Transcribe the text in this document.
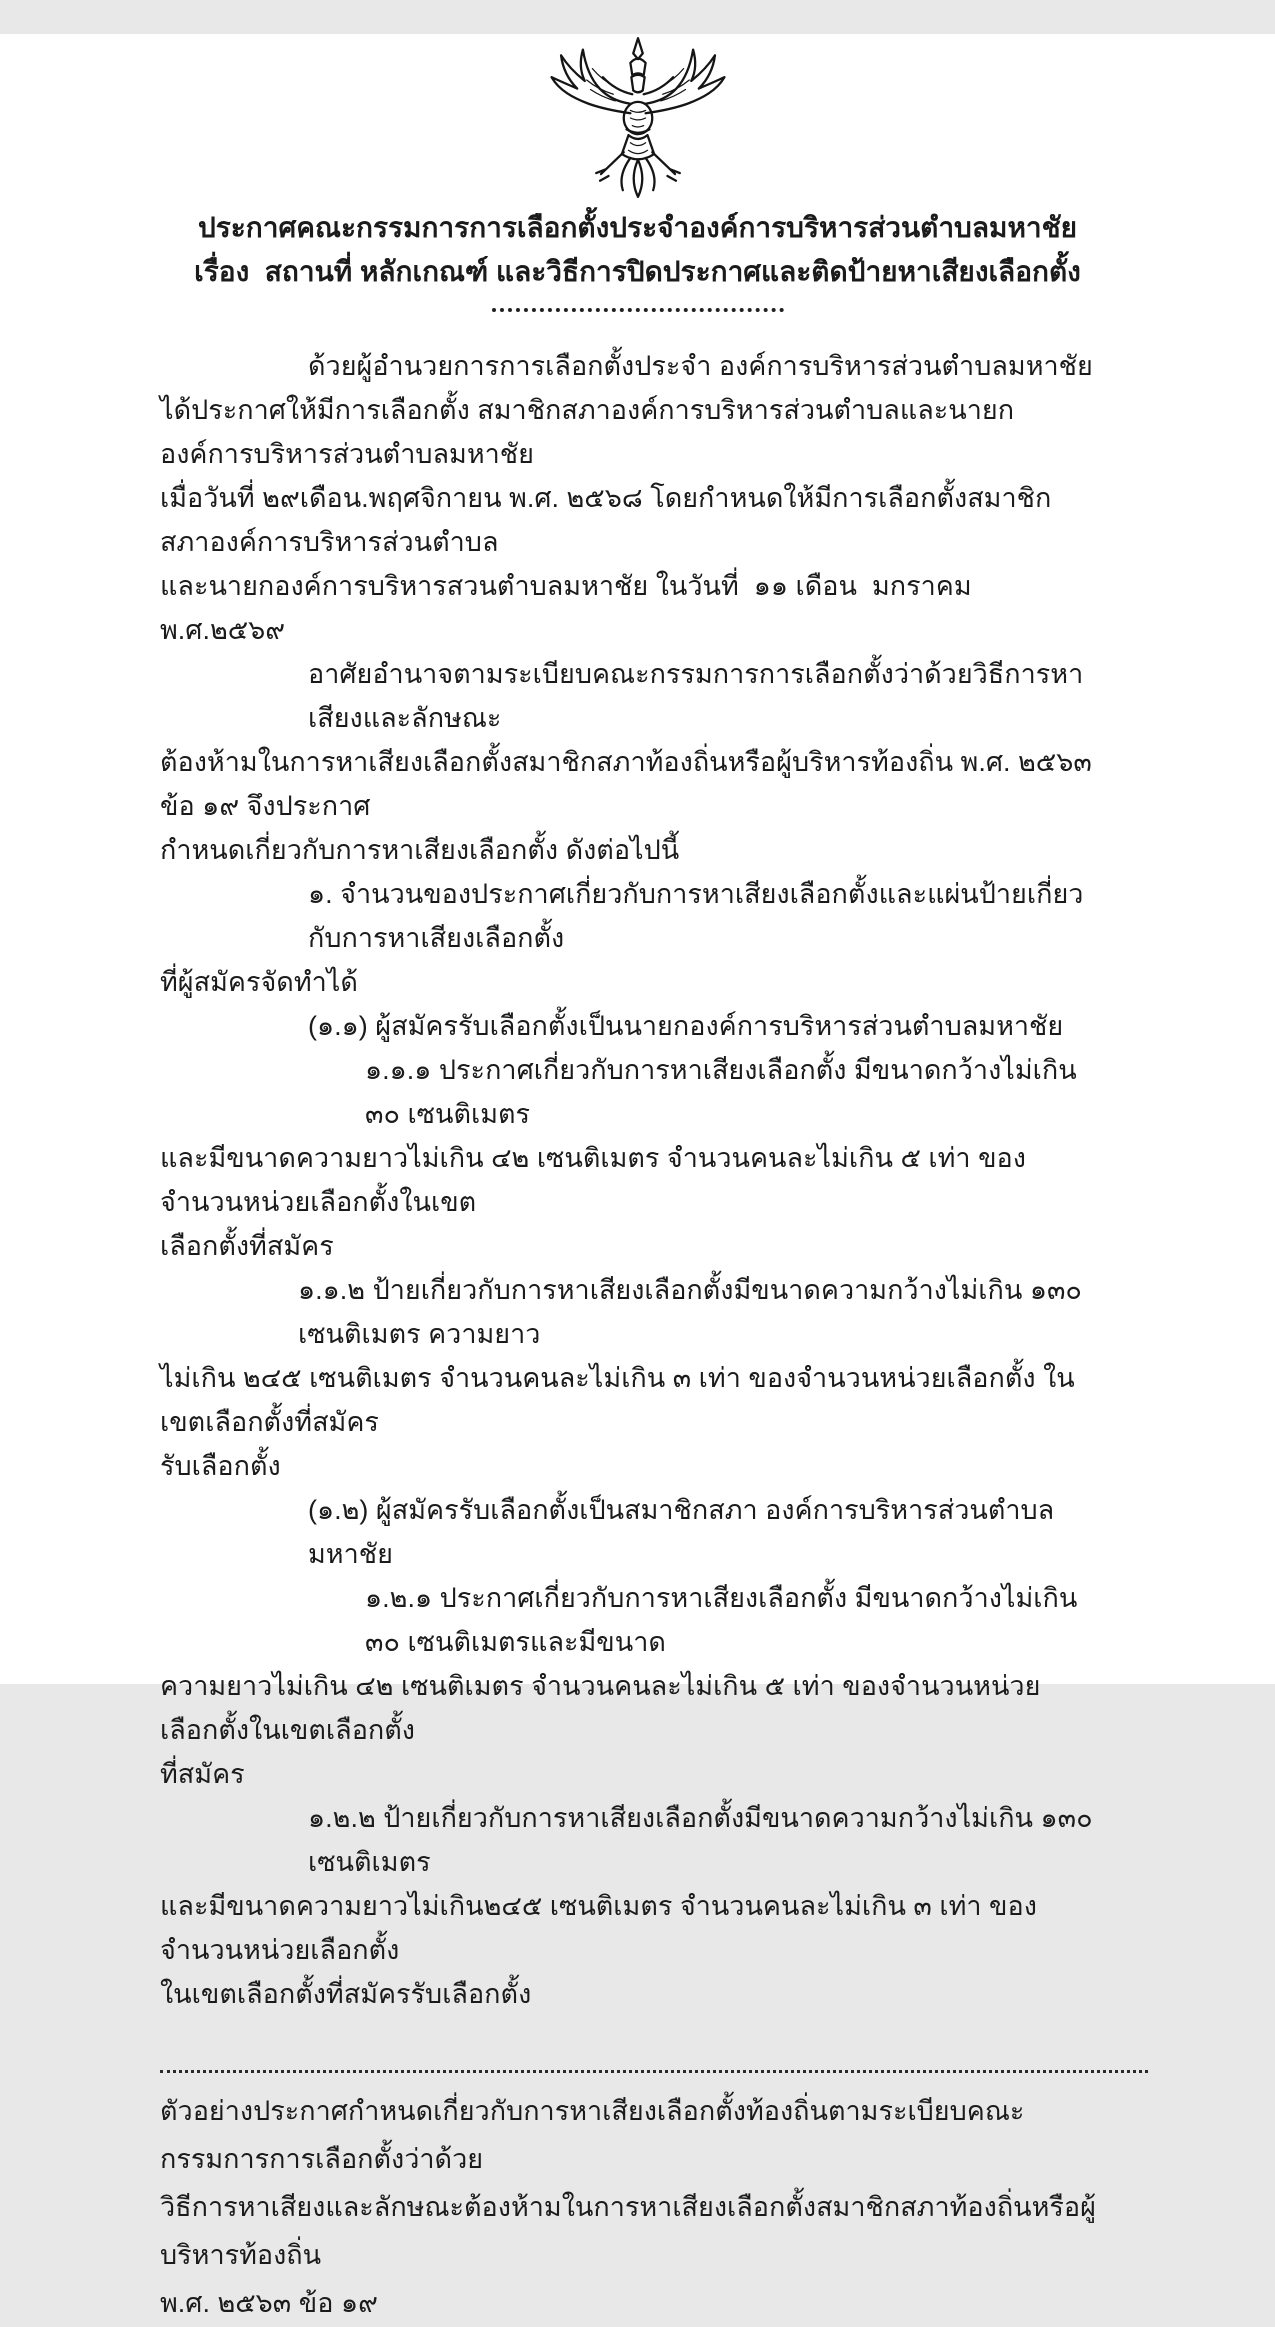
ประกาศคณะกรรมการการเลือกตั้งประจำองค์การบริหารส่วนตำบลมหาชัย
เรื่อง  สถานที่ หลักเกณฑ์ และวิธีการปิดประกาศและติดป้ายหาเสียงเลือกตั้ง
ด้วยผู้อำนวยการการเลือกตั้งประจำ องค์การบริหารส่วนตำบลมหาชัย
ได้ประกาศให้มีการเลือกตั้ง สมาชิกสภาองค์การบริหารส่วนตำบลและนายกองค์การบริหารส่วนตำบลมหาชัย
เมื่อวันที่ ๒๙เดือน.พฤศจิกายน พ.ศ. ๒๕๖๘ โดยกำหนดให้มีการเลือกตั้งสมาชิกสภาองค์การบริหารส่วนตำบล
และนายกองค์การบริหารสวนตำบลมหาชัย ในวันที่  ๑๑ เดือน  มกราคม พ.ศ.๒๕๖๙
อาศัยอำนาจตามระเบียบคณะกรรมการการเลือกตั้งว่าด้วยวิธีการหาเสียงและลักษณะ
ต้องห้ามในการหาเสียงเลือกตั้งสมาชิกสภาท้องถิ่นหรือผู้บริหารท้องถิ่น พ.ศ. ๒๕๖๓ ข้อ ๑๙ จึงประกาศ
กำหนดเกี่ยวกับการหาเสียงเลือกตั้ง ดังต่อไปนี้
๑. จำนวนของประกาศเกี่ยวกับการหาเสียงเลือกตั้งและแผ่นป้ายเกี่ยวกับการหาเสียงเลือกตั้ง
ที่ผู้สมัครจัดทำได้
(๑.๑) ผู้สมัครรับเลือกตั้งเป็นนายกองค์การบริหารส่วนตำบลมหาชัย
๑.๑.๑ ประกาศเกี่ยวกับการหาเสียงเลือกตั้ง มีขนาดกว้างไม่เกิน ๓๐ เซนติเมตร
และมีขนาดความยาวไม่เกิน ๔๒ เซนติเมตร จำนวนคนละไม่เกิน ๕ เท่า ของจำนวนหน่วยเลือกตั้งในเขต
เลือกตั้งที่สมัคร
๑.๑.๒ ป้ายเกี่ยวกับการหาเสียงเลือกตั้งมีขนาดความกว้างไม่เกิน ๑๓๐ เซนติเมตร ความยาว
ไม่เกิน ๒๔๕ เซนติเมตร จำนวนคนละไม่เกิน ๓ เท่า ของจำนวนหน่วยเลือกตั้ง ในเขตเลือกตั้งที่สมัคร
รับเลือกตั้ง
(๑.๒) ผู้สมัครรับเลือกตั้งเป็นสมาชิกสภา องค์การบริหารส่วนตำบลมหาชัย
๑.๒.๑ ประกาศเกี่ยวกับการหาเสียงเลือกตั้ง มีขนาดกว้างไม่เกิน ๓๐ เซนติเมตรและมีขนาด
ความยาวไม่เกิน ๔๒ เซนติเมตร จำนวนคนละไม่เกิน ๕ เท่า ของจำนวนหน่วยเลือกตั้งในเขตเลือกตั้ง
ที่สมัคร
๑.๒.๒ ป้ายเกี่ยวกับการหาเสียงเลือกตั้งมีขนาดความกว้างไม่เกิน ๑๓๐ เซนติเมตร
และมีขนาดความยาวไม่เกิน๒๔๕ เซนติเมตร จำนวนคนละไม่เกิน ๓ เท่า ของจำนวนหน่วยเลือกตั้ง
ในเขตเลือกตั้งที่สมัครรับเลือกตั้ง
ตัวอย่างประกาศกำหนดเกี่ยวกับการหาเสียงเลือกตั้งท้องถิ่นตามระเบียบคณะกรรมการการเลือกตั้งว่าด้วย
วิธีการหาเสียงและลักษณะต้องห้ามในการหาเสียงเลือกตั้งสมาชิกสภาท้องถิ่นหรือผู้บริหารท้องถิ่น
พ.ศ. ๒๕๖๓ ข้อ ๑๙
